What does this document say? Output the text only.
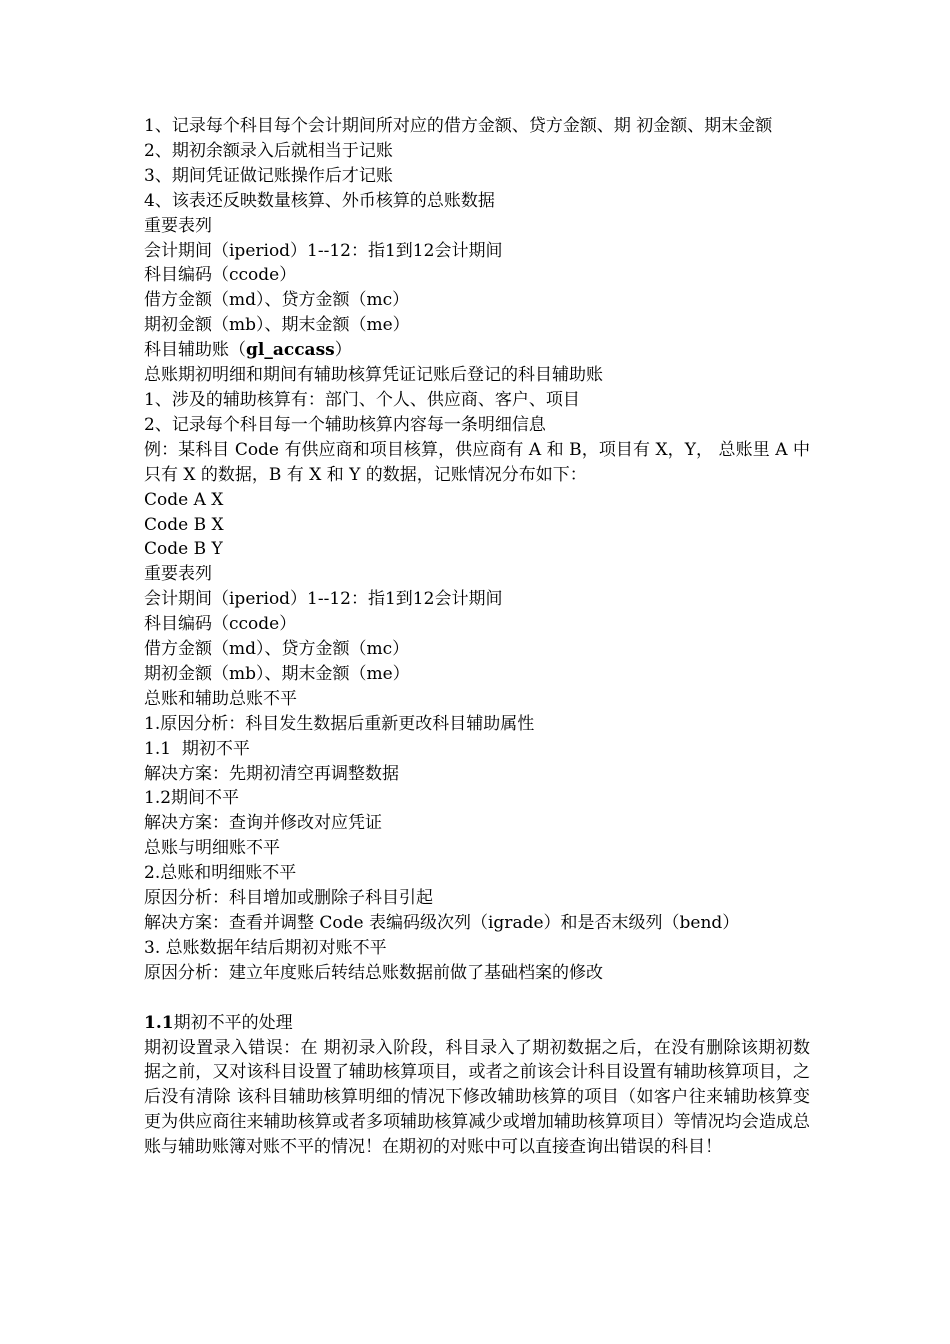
1、记录每个科目每个会计期间所对应的借方金额、贷方金额、期 初金额、期末金额

2、期初余额录入后就相当于记账

3、期间凭证做记账操作后才记账

4、该表还反映数量核算、外币核算的总账数据

重要表列

会计期间（iperiod）1--12：指1到12会计期间

科目编码（ccode）

借方金额（md）、贷方金额（mc）

期初金额（mb）、期末金额（me）

科目辅助账（gl_accass）

总账期初明细和期间有辅助核算凭证记账后登记的科目辅助账

1、涉及的辅助核算有：部门、个人、供应商、客户、项目

2、记录每个科目每一个辅助核算内容每一条明细信息

例：某科目 Code 有供应商和项目核算，供应商有 A 和 B，项目有 X，Y， 总账里 A 中只有 X 的数据，B 有 X 和 Y 的数据，记账情况分布如下：

Code A X

Code B X

Code B Y

重要表列

会计期间（iperiod）1--12：指1到12会计期间

科目编码（ccode）

借方金额（md）、贷方金额（mc）

期初金额（mb）、期末金额（me）

总账和辅助总账不平

1.原因分析：科目发生数据后重新更改科目辅助属性

1.1  期初不平

解决方案：先期初清空再调整数据

1.2期间不平

解决方案：查询并修改对应凭证

总账与明细账不平

2.总账和明细账不平

原因分析：科目增加或删除子科目引起

解决方案：查看并调整 Code 表编码级次列（igrade）和是否末级列（bend）

3. 总账数据年结后期初对账不平

原因分析：建立年度账后转结总账数据前做了基础档案的修改

1.1期初不平的处理

期初设置录入错误：在 期初录入阶段，科目录入了期初数据之后，在没有删除该期初数据之前，又对该科目设置了辅助核算项目，或者之前该会计科目设置有辅助核算项目，之后没有清除 该科目辅助核算明细的情况下修改辅助核算的项目（如客户往来辅助核算变更为供应商往来辅助核算或者多项辅助核算减少或增加辅助核算项目）等情况均会造成总 账与辅助账簿对账不平的情况！在期初的对账中可以直接查询出错误的科目！
